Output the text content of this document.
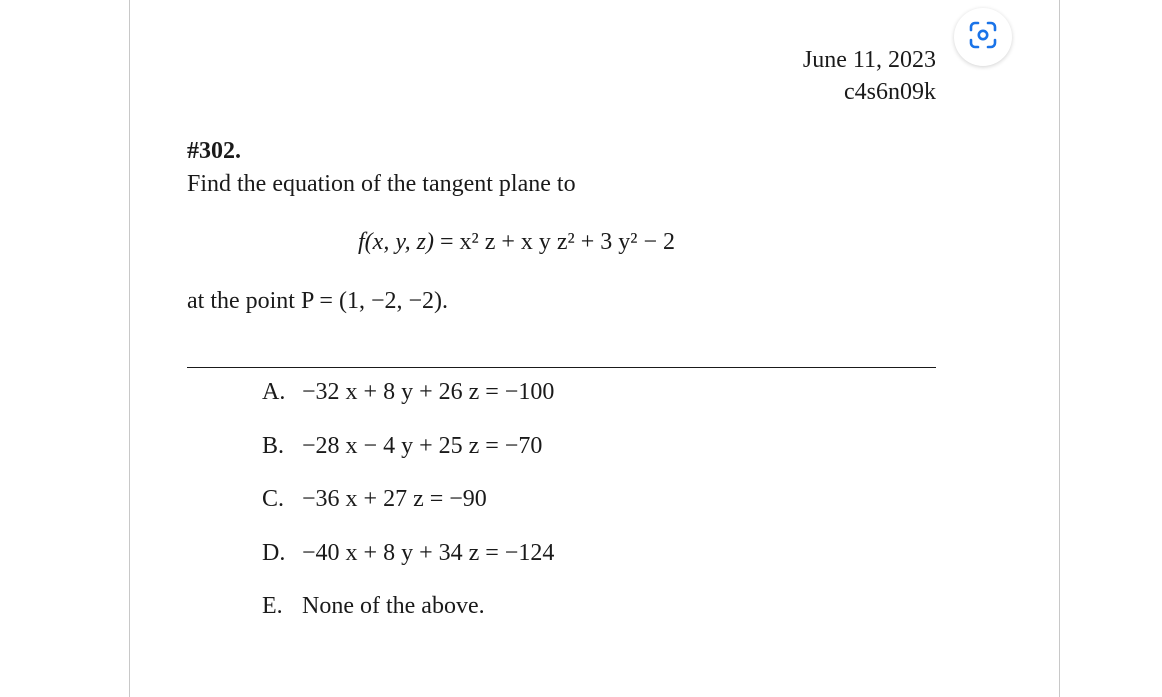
June 11, 2023
c4s6n09k
#302.
Find the equation of the tangent plane to
f(x, y, z) = x² z + x y z² + 3 y² − 2
at the point P = (1, −2, −2).
A. −32 x + 8 y + 26 z = −100
B. −28 x − 4 y + 25 z = −70
C. −36 x + 27 z = −90
D. −40 x + 8 y + 34 z = −124
E. None of the above.
